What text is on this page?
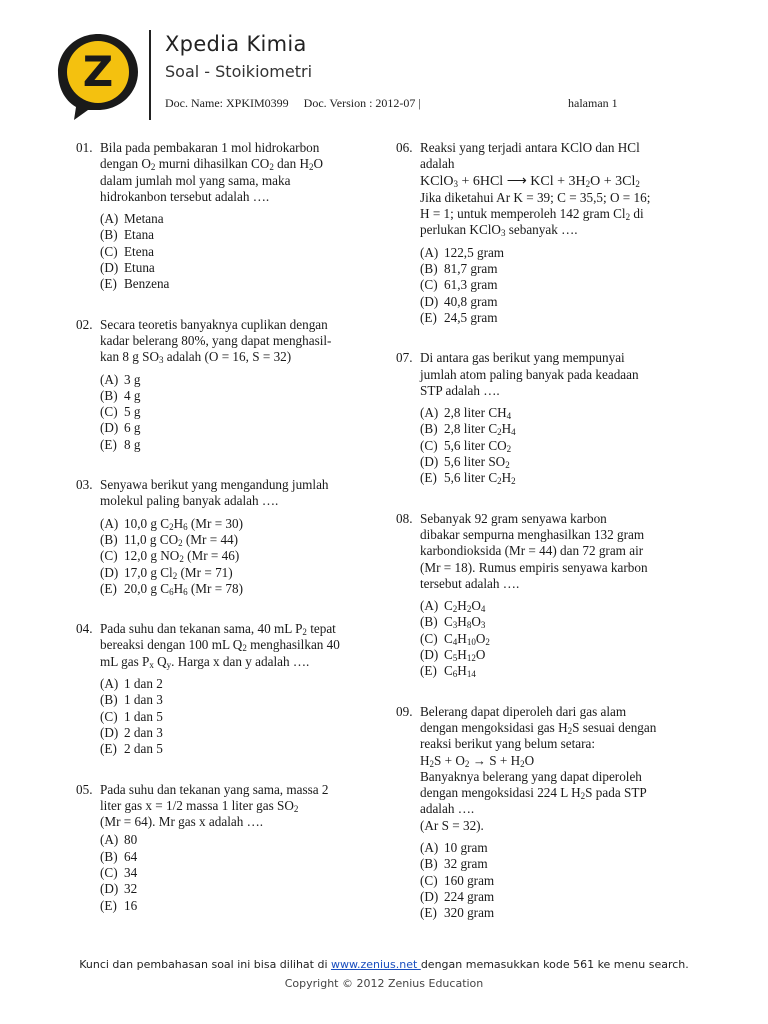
Z
Xpedia Kimia
Soal - Stoikiometri
Doc. Name: XPKIM0399 Doc. Version : 2012-07 |	halaman 1
01. Bila pada pembakaran 1 mol hidrokarbon
dengan $O_2$ murni dihasilkan $CO_2$ dan $H_2O$
dalam jumlah mol yang sama, maka
hidrokanbon tersebut adalah ….
(A) Metana
(B) Etana
(C) Etena
(D) Etuna
(E) Benzena
02. Secara teoretis banyaknya cuplikan dengan
kadar belerang 80%, yang dapat menghasil-
kan 8 g $SO_3$ adalah (O = 16, S = 32)
(A) 3 g
(B) 4 g
(C) 5 g
(D) 6 g
(E) 8 g
03. Senyawa berikut yang mengandung jumlah
molekul paling banyak adalah ….
(A) 10,0 g $C_2H_6$ (Mr = 30)
(B) 11,0 g $CO_2$ (Mr = 44)
(C) 12,0 g $NO_2$ (Mr = 46)
(D) 17,0 g $Cl_2$ (Mr = 71)
(E) 20,0 g $C_6H_6$ (Mr = 78)
04. Pada suhu dan tekanan sama, 40 mL $P_2$ tepat
bereaksi dengan 100 mL $Q_2$ menghasilkan 40
mL gas $P_x$ $Q_y$. Harga x dan y adalah ….
(A) 1 dan 2
(B) 1 dan 3
(C) 1 dan 5
(D) 2 dan 3
(E) 2 dan 5
05. Pada suhu dan tekanan yang sama, massa 2
liter gas x = 1/2 massa 1 liter gas $SO_2$
(Mr = 64). Mr gas x adalah ….
(A) 80
(B) 64
(C) 34
(D) 32
(E) 16
06. Reaksi yang terjadi antara KClO dan HCl
adalah
KClO$_3$ + 6HCl ⟶ KCl + $3H_2O + 3Cl_2$
Jika diketahui Ar K = 39; C = 35,5; O = 16;
H = 1; untuk memperoleh 142 gram $Cl_2$ di
perlukan KClO$_3$ sebanyak ….
(A) 122,5 gram
(B) 81,7 gram
(C) 61,3 gram
(D) 40,8 gram
(E) 24,5 gram
07. Di antara gas berikut yang mempunyai
jumlah atom paling banyak pada keadaan
STP adalah ….
(A) 2,8 liter $CH_4$
(B) 2,8 liter $C_2H_4$
(C) 5,6 liter $CO_2$
(D) 5,6 liter $SO_2$
(E) 5,6 liter $C_2H_2$
08. Sebanyak 92 gram senyawa karbon
dibakar sempurna menghasilkan 132 gram
karbondioksida (Mr = 44) dan 72 gram air
(Mr = 18). Rumus empiris senyawa karbon
tersebut adalah ….
(A) $C_2H_2O_4$
(B) $C_3H_8O_3$
(C) $C_4H_{10}O_2$
(D) $C_5H_{12}O$
(E) $C_6H_{14}$
09. Belerang dapat diperoleh dari gas alam
dengan mengoksidasi gas $H_2S$ sesuai dengan
reaksi berikut yang belum setara:
$H_2S + O_2 \to S + H_2O$
Banyaknya belerang yang dapat diperoleh
dengan mengoksidasi 224 L $H_2S$ pada STP
adalah ….
(Ar S = 32).
(A) 10 gram
(B) 32 gram
(C) 160 gram
(D) 224 gram
(E) 320 gram
Kunci dan pembahasan soal ini bisa dilihat di www.zenius.net dengan memasukkan kode 561 ke menu search.
Copyright © 2012 Zenius Education
